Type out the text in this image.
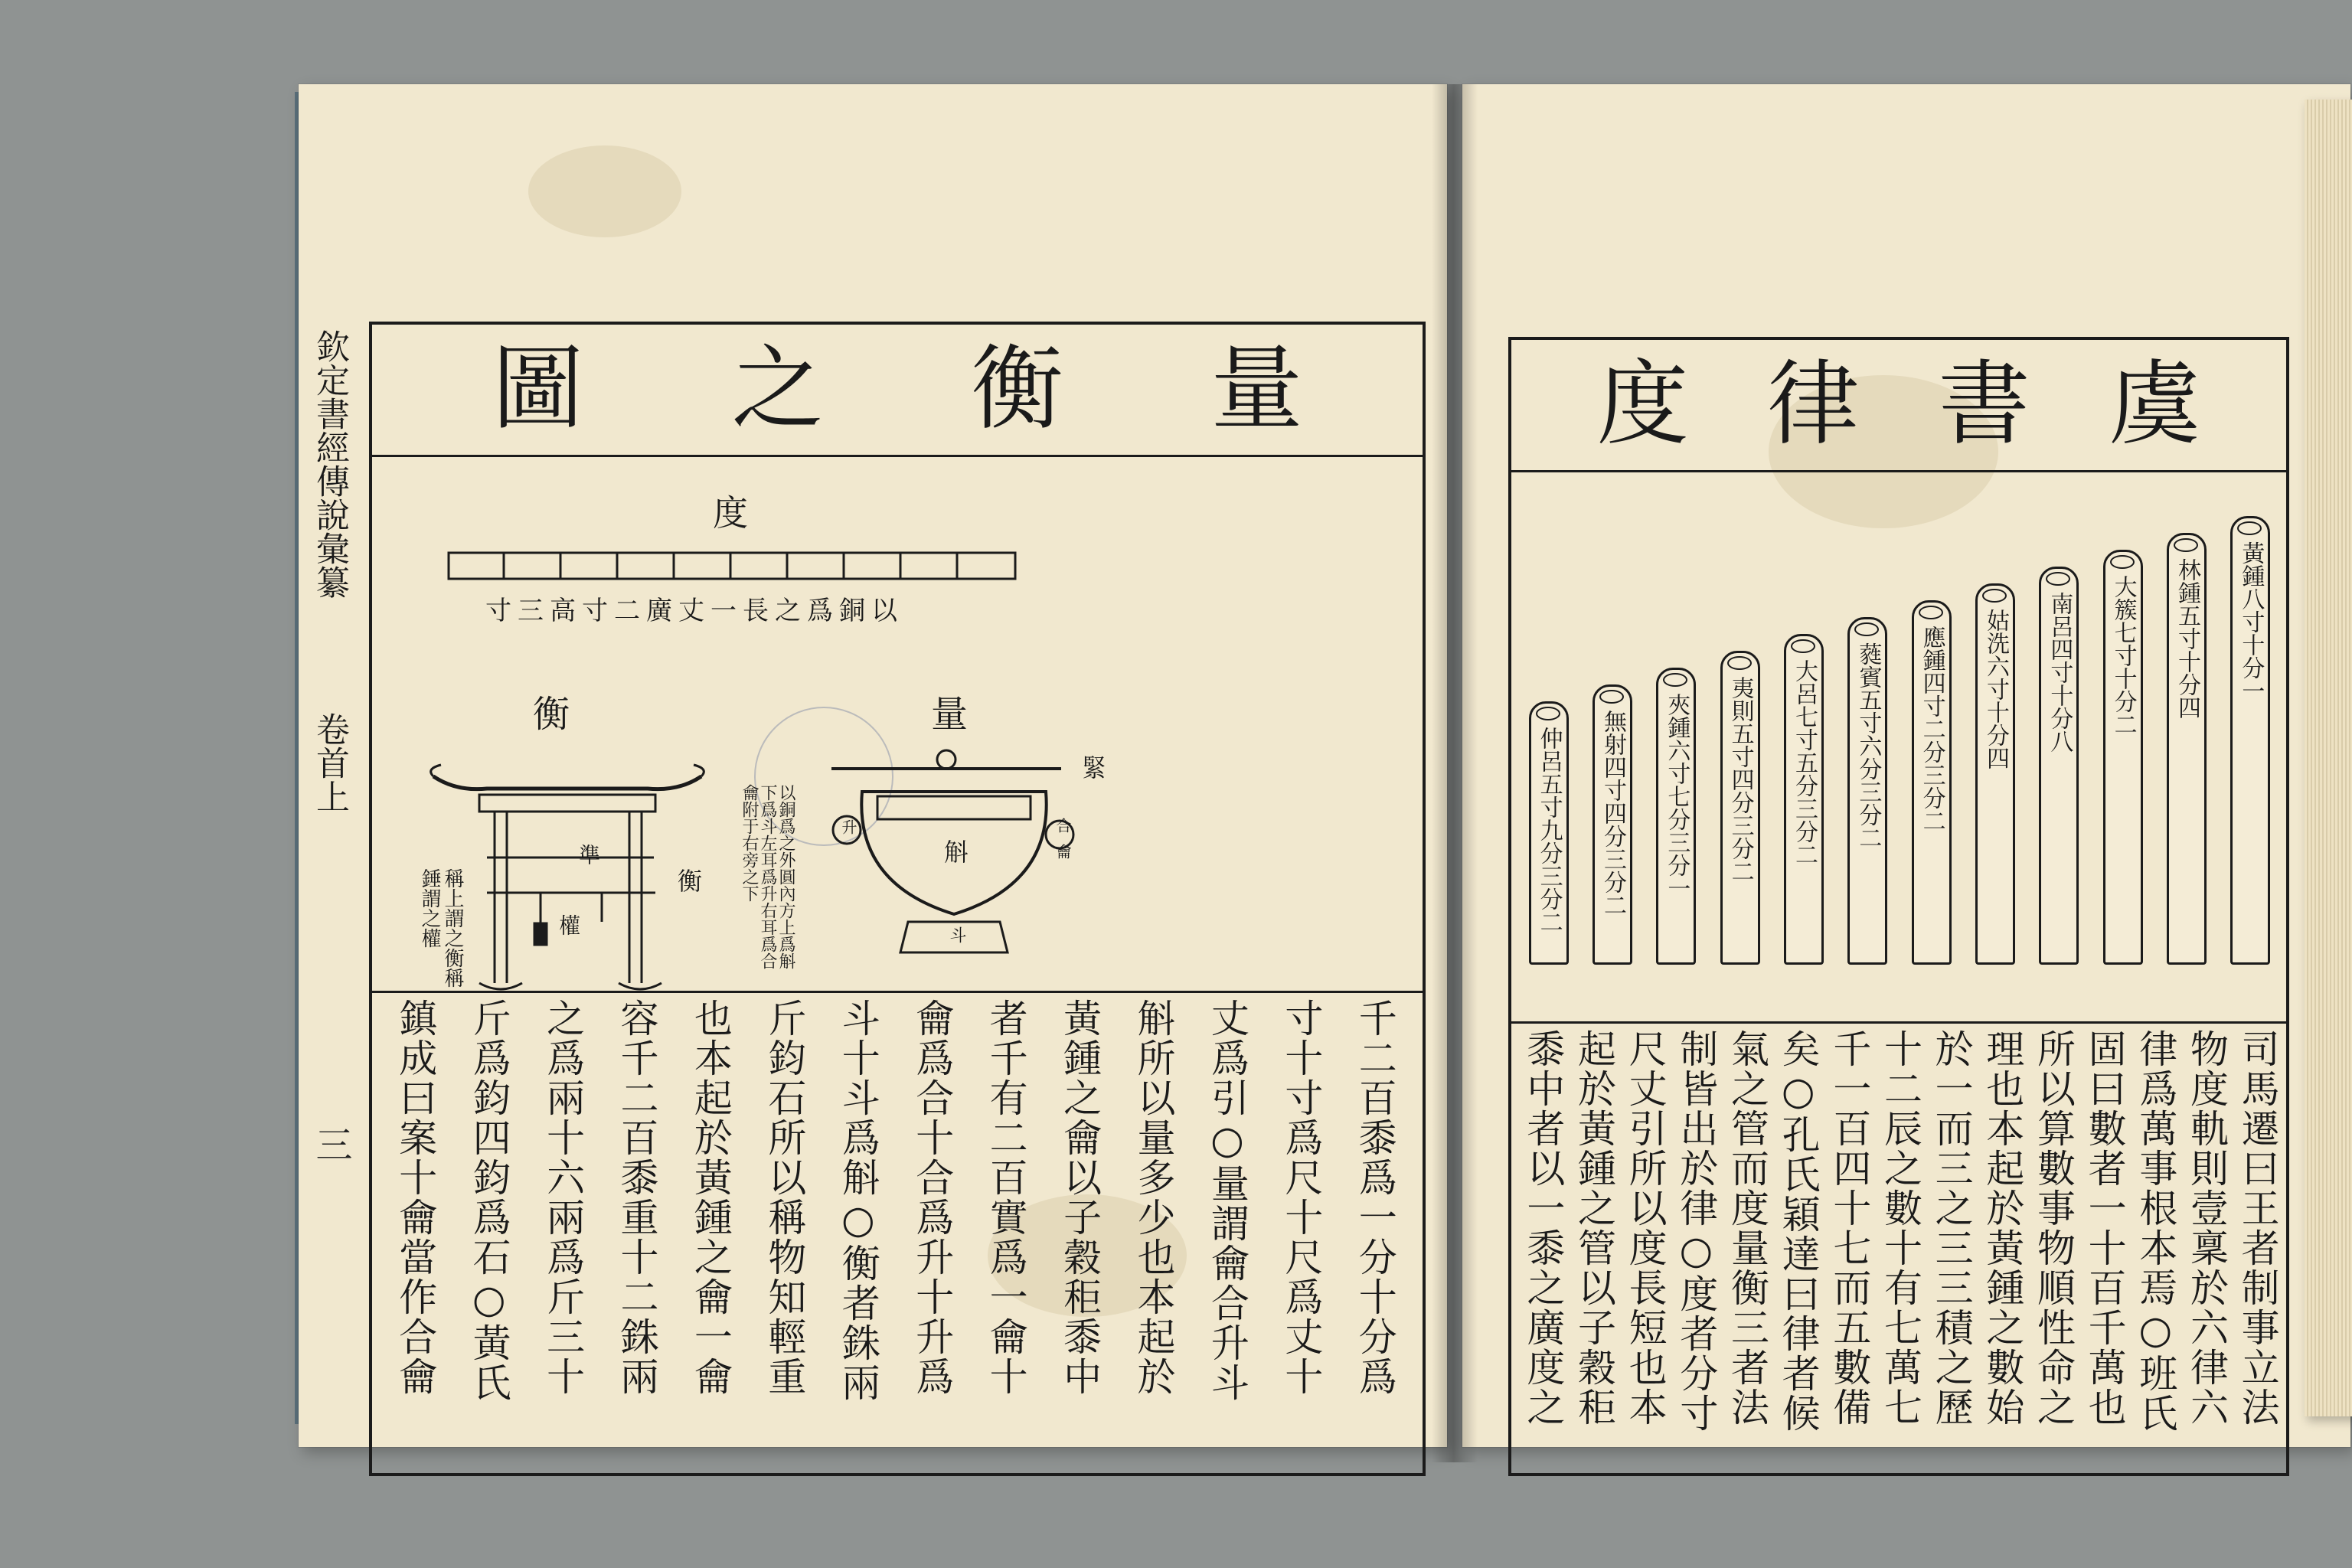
量
衡
之
圖
度
以銅爲之長一丈廣二寸高三寸
衡	量
準
衡
權
稱上謂之衡稱錘謂之權	以銅爲之外圓內方上爲斛下爲斗左耳爲升右耳爲合龠附于右旁之下	斛
升	合
龠
斗
緊
千二百黍爲一分十分爲
寸十寸爲尺十尺爲丈十
丈爲引○量謂龠合升斗
斛所以量多少也本起於
黃鍾之龠以子穀秬黍中
者千有二百實爲一龠十
龠爲合十合爲升十升爲
斗十斗爲斛○衡者銖兩
斤鈞石所以稱物知輕重
也本起於黃鍾之龠一龠
容千二百黍重十二銖兩
之爲兩十六兩爲斤三十
斤爲鈞四鈞爲石○黃氏
鎮成曰案十龠當作合龠
欽定書經傳說彙纂
卷首上
三
虞
書
律
度
黃鍾八寸十分一
林鍾五寸十分四
大簇七寸十分二
南呂四寸十分八
姑洗六寸十分四
應鍾四寸二分三分二
蕤賓五寸六分三分二
大呂七寸五分三分二
夷則五寸四分三分二
夾鍾六寸七分三分一
無射四寸四分三分二
仲呂五寸九分三分二
司馬遷曰王者制事立法
物度軌則壹稟於六律六
律爲萬事根本焉○班氏
固曰數者一十百千萬也
所以算數事物順性命之
理也本起於黃鍾之數始
於一而三之三三積之歷
十二辰之數十有七萬七
千一百四十七而五數備
矣○孔氏穎達曰律者候
氣之管而度量衡三者法
制皆出於律○度者分寸
尺丈引所以度長短也本
起於黃鍾之管以子穀秬
黍中者以一黍之廣度之
